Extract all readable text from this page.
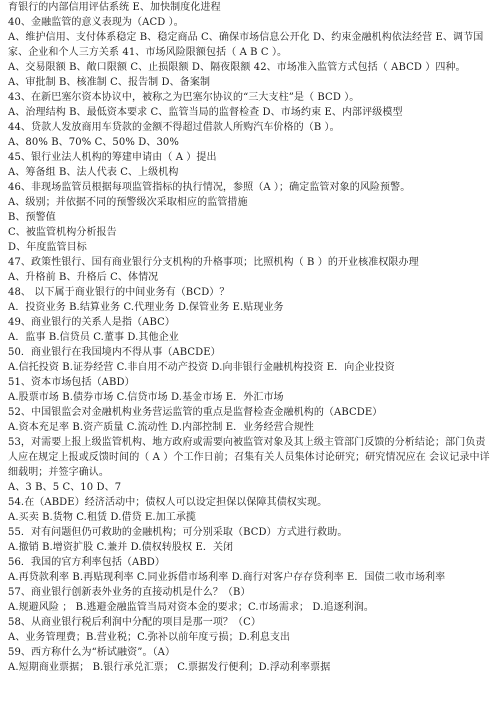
育银行的内部信用评估系统 E、加快制度化进程
40、金融监管的意义表现为（ACD ）。
A、维护信用、支付体系稳定 B、稳定商品 C、确保市场信息公开化 D、约束金融机构依法经营 E、调节国家、企业和个人三方关系 41、市场风险限额包括（ A B C ）。
A、交易限额 B、敞口限额 C、止损限额 D、隔夜限额 42、市场准入监管方式包括（ ABCD ）四种。
A、审批制 B、核准制 C、报告制 D、备案制
43、在新巴塞尔资本协议中，被称之为巴塞尔协议的“三大支柱”是（ BCD ）。
A、治理结构 B、最低资本要求 C、监管当局的监督检查 D、市场约束 E、内部评级模型
44、贷款人发放商用车贷款的金额不得超过借款人所购汽车价格的（B ）。
A、80% B、70% C、50% D、30%
45、银行业法人机构的筹建申请由（ A ）提出
A、筹备组 B、法人代表 C、上级机构
46、非现场监管员根据每项监管指标的执行情况，参照（A ）；确定监管对象的风险预警。
A、级别；并依据不同的预警级次采取相应的监管措施
B、预警值
C、被监管机构分析报告
D、年度监管目标
47、政策性银行、国有商业银行分支机构的升格事项；比照机构（ B ）的开业核准权限办理
A、升格前 B、升格后 C、体情况
48、 以下属于商业银行的中间业务有（BCD）？
A．投资业务 B.结算业务 C.代理业务 D.保管业务 E.贴现业务
49、商业银行的关系人是指（ABC）
A．监事 B.信贷员 C.董事 D.其他企业
50．商业银行在我国境内不得从事（ABCDE）
A.信托投资 B.证券经营 C.非自用不动产投资 D.向非银行金融机构投资 E．向企业投资
51、资本市场包括（ABD）
A.股票市场 B.债券市场 C.信贷市场 D.基金市场 E．外汇市场
52、中国银监会对金融机构业务营运监管的重点是监督检查金融机构的（ABCDE）
A.资本充足率 B.资产质量 C.流动性 D.内部控制 E．业务经营合规性
53，对需要上报上级监管机构、地方政府或需要向被监管对象及其上级主管部门反馈的分析结论；部门负责人应在规定上报或反馈时间的（ A ）个工作日前；召集有关人员集体讨论研究；研究情况应在 会议记录中详
细载明；并签字确认。
A、3 B、5 C、10 D、7
54.在（ABDE）经济活动中；债权人可以设定担保以保障其债权实现。
A.买卖 B.货物 C.租赁 D.借贷 E.加工承揽
55．对有问题但仍可救助的金融机构；可分别采取（BCD）方式进行救助。
A.撤销 B.增资扩股 C.兼并 D.债权转股权 E．关闭
56．我国的官方利率包括（ABD）
A.再贷款利率 B.再贴现利率 C.同业拆借市场利率 D.商行对客户存存贷利率 E．国债二收市场利率
57、商业银行创新表外业务的直接动机是什么？（B）
A.规避风险 ； B.逃避金融监管当局对资本金的要求；C.市场需求； D.追逐利润。
58、从商业银行税后利润中分配的项目是那一项？（C）
A、业务管理费；B.营业税；C.弥补以前年度亏损；D.利息支出
59、西方称什么为“桥试融资”。（A）
A.短期商业票据； B.银行承兑汇票； C.票据发行便利；D.浮动利率票据
